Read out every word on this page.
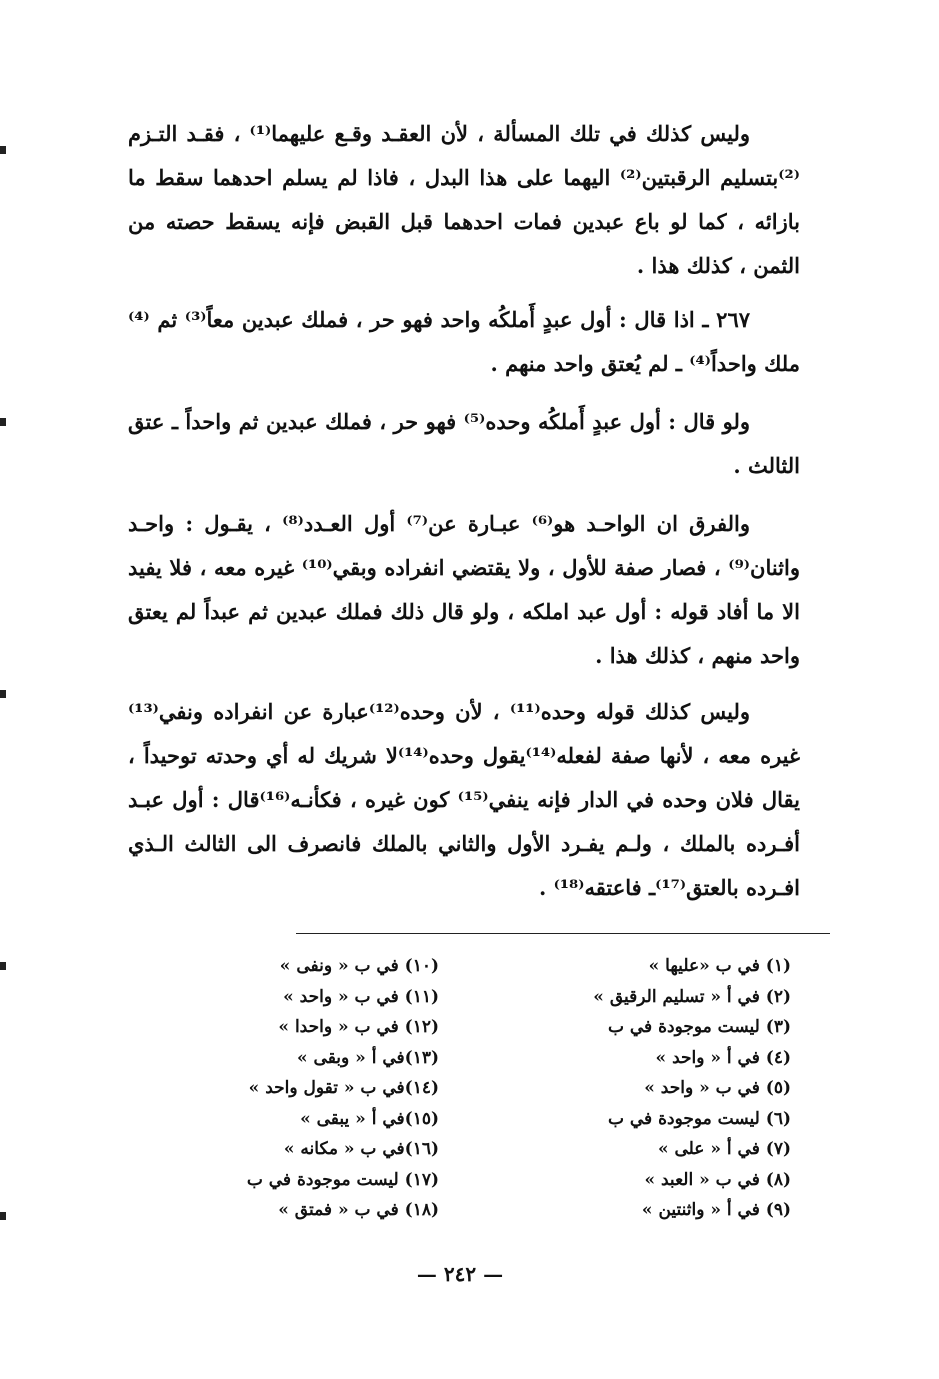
وليس كذلك في تلك المسألة ، لأن العقـد وقـع عليهما⁽¹⁾ ، فقـد التـزم ⁽²⁾بتسليم الرقبتين⁽²⁾ اليهما على هذا البدل ، فاذا لم يسلم احدهما سقط ما بازائه ، كما لو باع عبدين فمات احدهما قبل القبض فإنه يسقط حصته من الثمن ، كذلك هذا .

٢٦٧ ـ اذا قال : أول عبدٍ أَملكُه واحد فهو حر ، فملك عبدين معاً⁽³⁾ ثم ⁽⁴⁾ملك واحداً⁽⁴⁾ ـ لم يُعتق واحد منهم .

ولو قال : أول عبدٍ أَملكُه وحده⁽⁵⁾ فهو حر ، فملك عبدين ثم واحداً ـ عتق الثالث .

والفرق ان الواحـد هو⁽⁶⁾ عبـارة عن⁽⁷⁾ أول العـدد⁽⁸⁾ ، يقـول : واحـد واثنان⁽⁹⁾ ، فصار صفة للأول ، ولا يقتضي انفراده وبقي⁽¹⁰⁾ غيره معه ، فلا يفيد الا ما أفاد قوله : أول عبد املكه ، ولو قال ذلك فملك عبدين ثم عبداً لم يعتق واحد منهم ، كذلك هذا .

وليس كذلك قوله وحده⁽¹¹⁾ ، لأن وحده⁽¹²⁾عبارة عن انفراده ونفي⁽¹³⁾ غيره معه ، لأنها صفة لفعله⁽¹⁴⁾يقول وحده⁽¹⁴⁾لا شريك له أي وحدته توحيداً ، يقال فلان وحده في الدار فإنه ينفي⁽¹⁵⁾ كون غيره ، فكأنـه⁽¹⁶⁾قال : أول عبـد أفـرده بالملك ، ولـم يفـرد الأول والثاني بالملك فانصرف الى الثالث الـذي افـرده بالعتق⁽¹⁷⁾ـ فاعتقه⁽¹⁸⁾ .

(١) في ب «عليها »
(٢) في أ « تسليم الرقيق »
(٣) ليست موجودة في ب
(٤) في أ « واحد »
(٥) في ب « واحد »
(٦) ليست موجودة في ب
(٧) في أ « على »
(٨) في ب « العبد »
(٩) في أ « واثنتين »
(١٠) في ب « ونفى »
(١١) في ب « واحد »
(١٢) في ب « واحدا »
(١٣)في أ « وبقى »
(١٤)في ب « تقول واحد »
(١٥)في أ « يبقى »
(١٦)في ب « مكانه »
(١٧) ليست موجودة في ب
(١٨) في ب « فمتق »
— ٢٤٢ —
